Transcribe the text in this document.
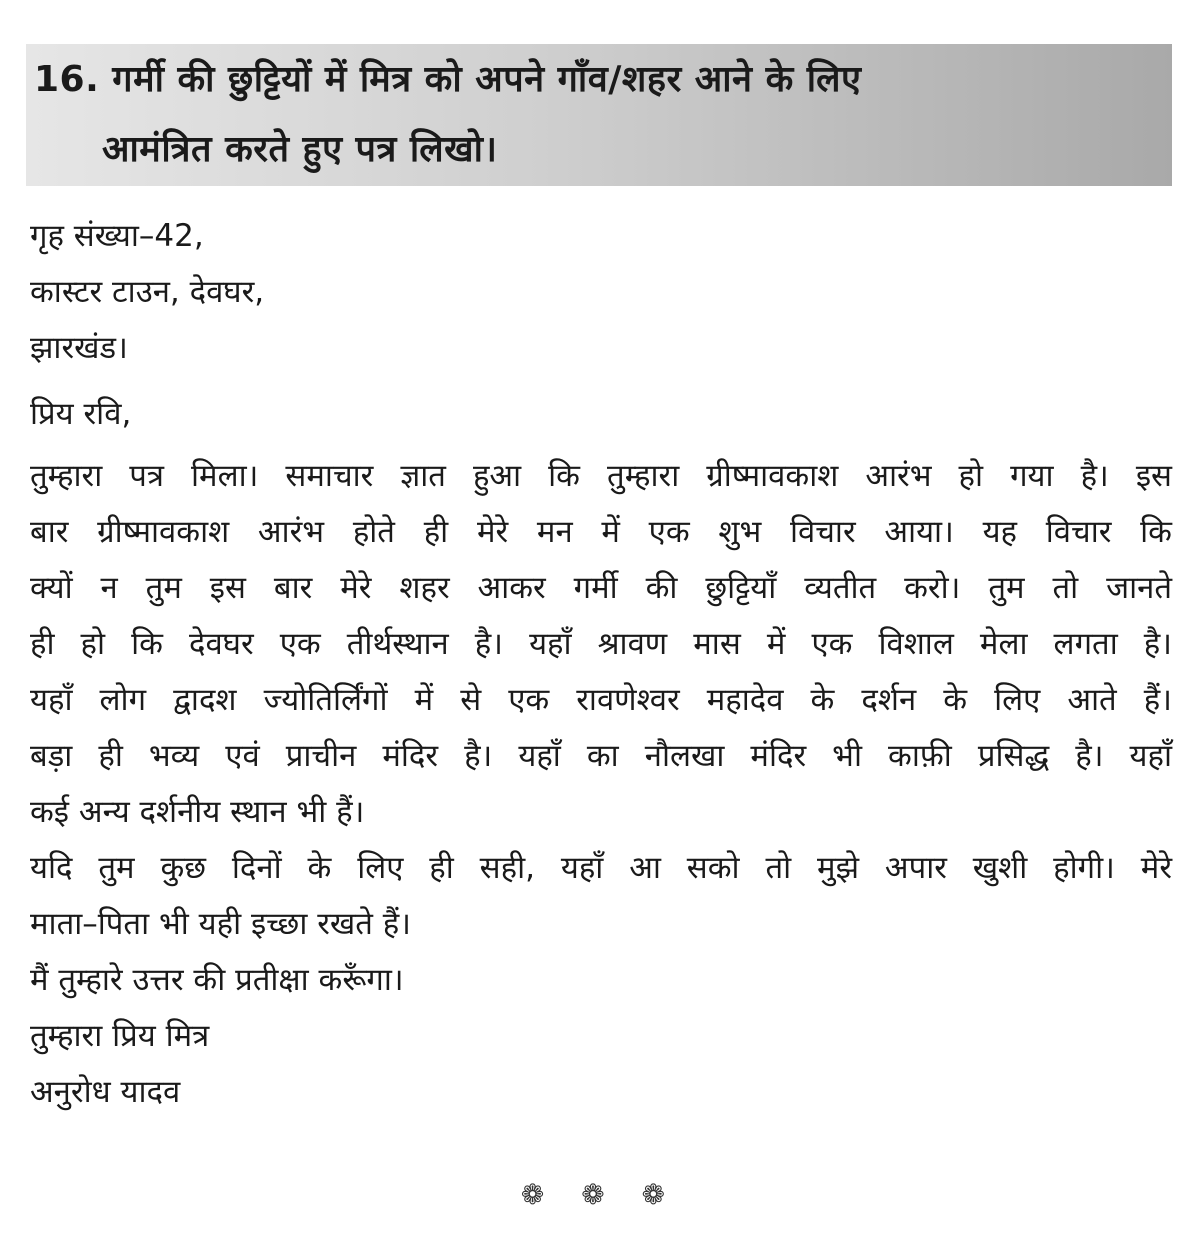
16. गर्मी की छुट्टियों में मित्र को अपने गाँव/शहर आने के लिए
आमंत्रित करते हुए पत्र लिखो।
गृह संख्या–42,
कास्टर टाउन, देवघर,
झारखंड।
प्रिय रवि,
तुम्हारा पत्र मिला। समाचार ज्ञात हुआ कि तुम्हारा ग्रीष्मावकाश आरंभ हो गया है। इस
बार ग्रीष्मावकाश आरंभ होते ही मेरे मन में एक शुभ विचार आया। यह विचार कि
क्यों न तुम इस बार मेरे शहर आकर गर्मी की छुट्टियाँ व्यतीत करो। तुम तो जानते
ही हो कि देवघर एक तीर्थस्थान है। यहाँ श्रावण मास में एक विशाल मेला लगता है।
यहाँ लोग द्वादश ज्योतिर्लिंगों में से एक रावणेश्वर महादेव के दर्शन के लिए आते हैं।
बड़ा ही भव्य एवं प्राचीन मंदिर है। यहाँ का नौलखा मंदिर भी काफ़ी प्रसिद्ध है। यहाँ
कई अन्य दर्शनीय स्थान भी हैं।
यदि तुम कुछ दिनों के लिए ही सही, यहाँ आ सको तो मुझे अपार खुशी होगी। मेरे
माता–पिता भी यही इच्छा रखते हैं।
मैं तुम्हारे उत्तर की प्रतीक्षा करूँगा।
तुम्हारा प्रिय मित्र
अनुरोध यादव
❁ ❁ ❁
